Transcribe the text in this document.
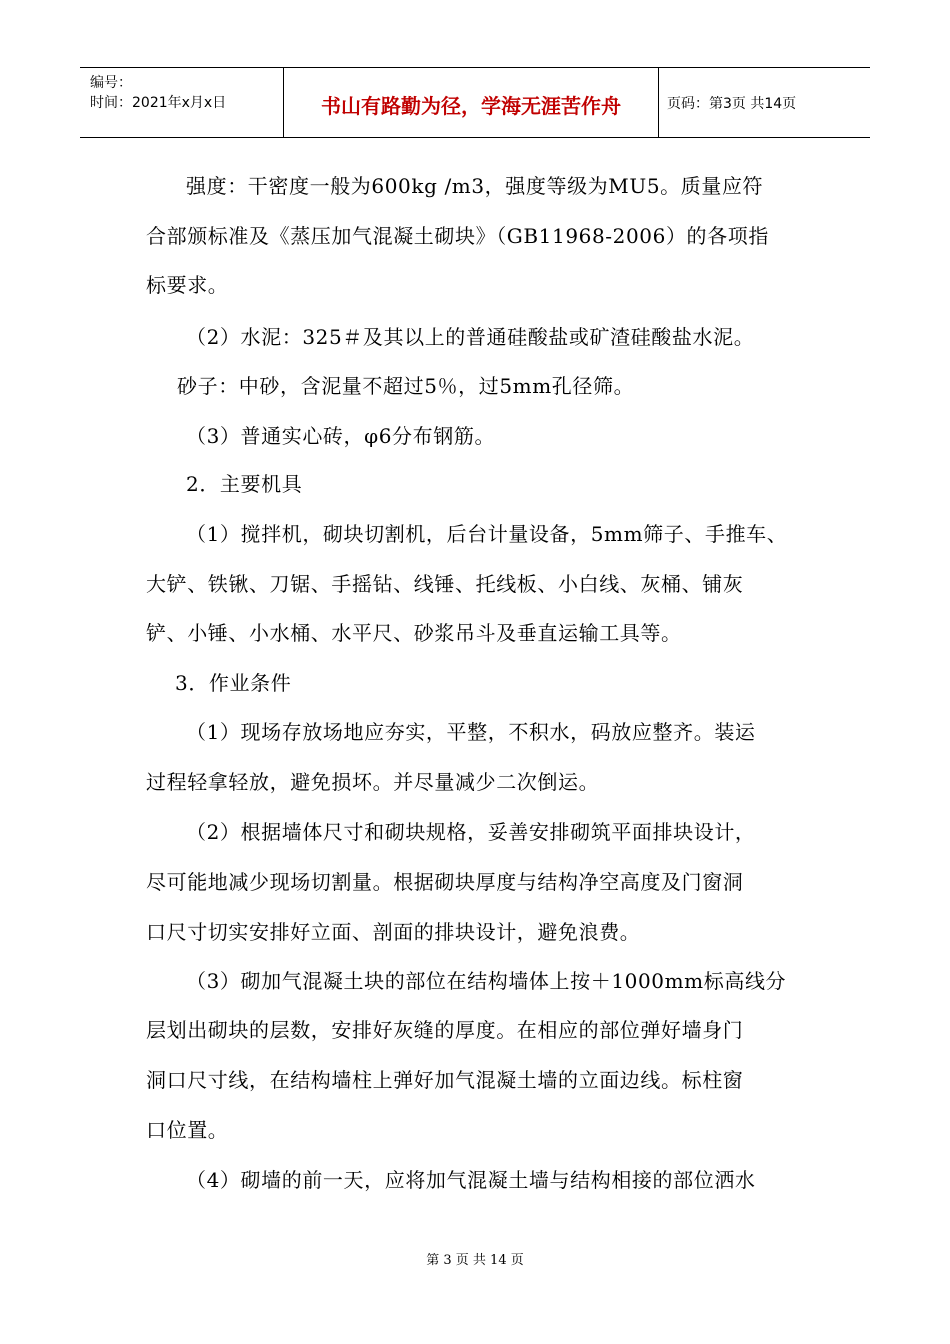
编号：
时间：2021年x月x日	书山有路勤为径，学海无涯苦作舟	页码：第3页 共14页
强度：干密度一般为600kg /m3，强度等级为MU5。质量应符
合部颁标准及《蒸压加气混凝土砌块》（GB11968-2006）的各项指
标要求。
（2）水泥：325＃及其以上的普通硅酸盐或矿渣硅酸盐水泥。
砂子：中砂，含泥量不超过5％，过5mm孔径筛。
（3）普通实心砖，φ6分布钢筋。
2．主要机具
（1）搅拌机，砌块切割机，后台计量设备，5mm筛子、手推车、
大铲、铁锹、刀锯、手摇钻、线锤、托线板、小白线、灰桶、铺灰
铲、小锤、小水桶、水平尺、砂浆吊斗及垂直运输工具等。
3．作业条件
（1）现场存放场地应夯实，平整，不积水，码放应整齐。装运
过程轻拿轻放，避免损坏。并尽量减少二次倒运。
（2）根据墙体尺寸和砌块规格，妥善安排砌筑平面排块设计，
尽可能地减少现场切割量。根据砌块厚度与结构净空高度及门窗洞
口尺寸切实安排好立面、剖面的排块设计，避免浪费。
（3）砌加气混凝土块的部位在结构墙体上按＋1000mm标高线分
层划出砌块的层数，安排好灰缝的厚度。在相应的部位弹好墙身门
洞口尺寸线，在结构墙柱上弹好加气混凝土墙的立面边线。标柱窗
口位置。
（4）砌墙的前一天，应将加气混凝土墙与结构相接的部位洒水
第 3 页 共 14 页
